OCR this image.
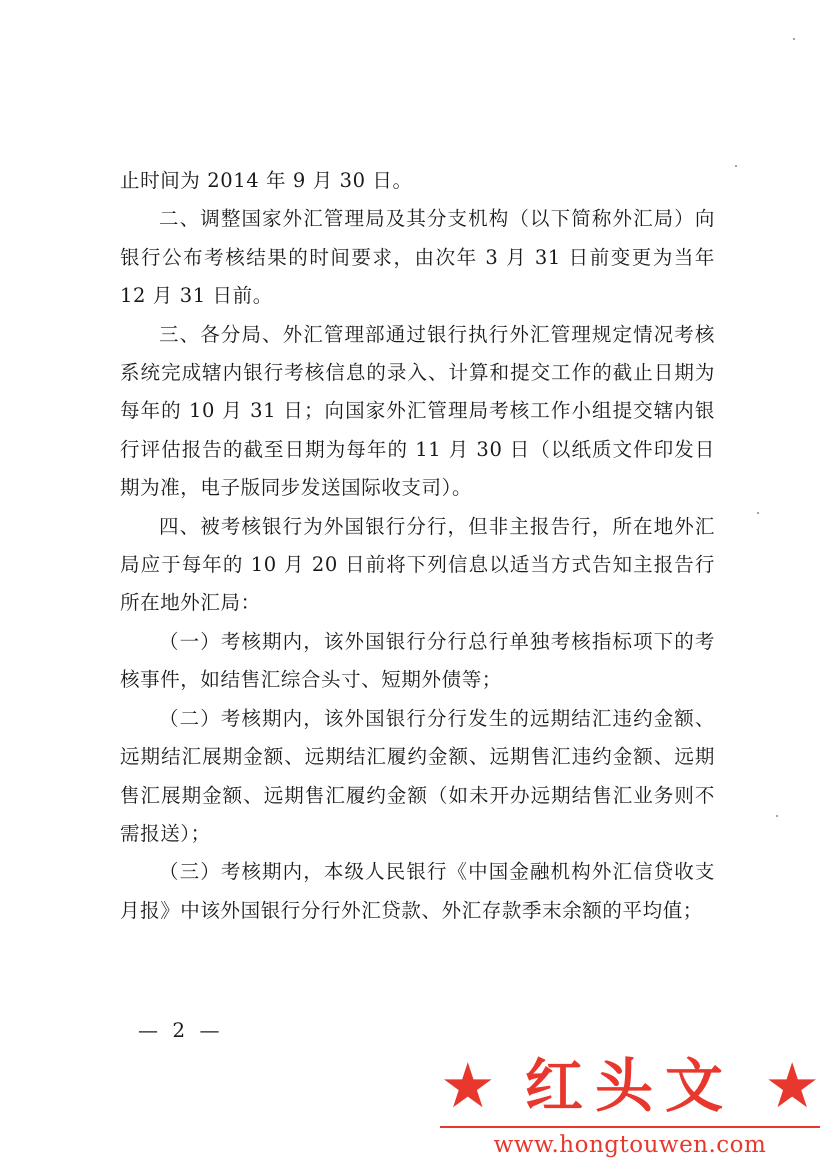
止时间为 2014 年 9 月 30 日。

二、调整国家外汇管理局及其分支机构（以下简称外汇局）向银行公布考核结果的时间要求，由次年 3 月 31 日前变更为当年 12 月 31 日前。

三、各分局、外汇管理部通过银行执行外汇管理规定情况考核系统完成辖内银行考核信息的录入、计算和提交工作的截止日期为每年的 10 月 31 日；向国家外汇管理局考核工作小组提交辖内银行评估报告的截至日期为每年的 11 月 30 日（以纸质文件印发日期为准，电子版同步发送国际收支司）。

四、被考核银行为外国银行分行，但非主报告行，所在地外汇局应于每年的 10 月 20 日前将下列信息以适当方式告知主报告行所在地外汇局：

（一）考核期内，该外国银行分行总行单独考核指标项下的考核事件，如结售汇综合头寸、短期外债等；

（二）考核期内，该外国银行分行发生的远期结汇违约金额、远期结汇展期金额、远期结汇履约金额、远期售汇违约金额、远期售汇展期金额、远期售汇履约金额（如未开办远期结售汇业务则不需报送）；

（三）考核期内，本级人民银行《中国金融机构外汇信贷收支月报》中该外国银行分行外汇贷款、外汇存款季末余额的平均值；

— 2 —
★ 红头文 ★
www.hongtouwen.com
